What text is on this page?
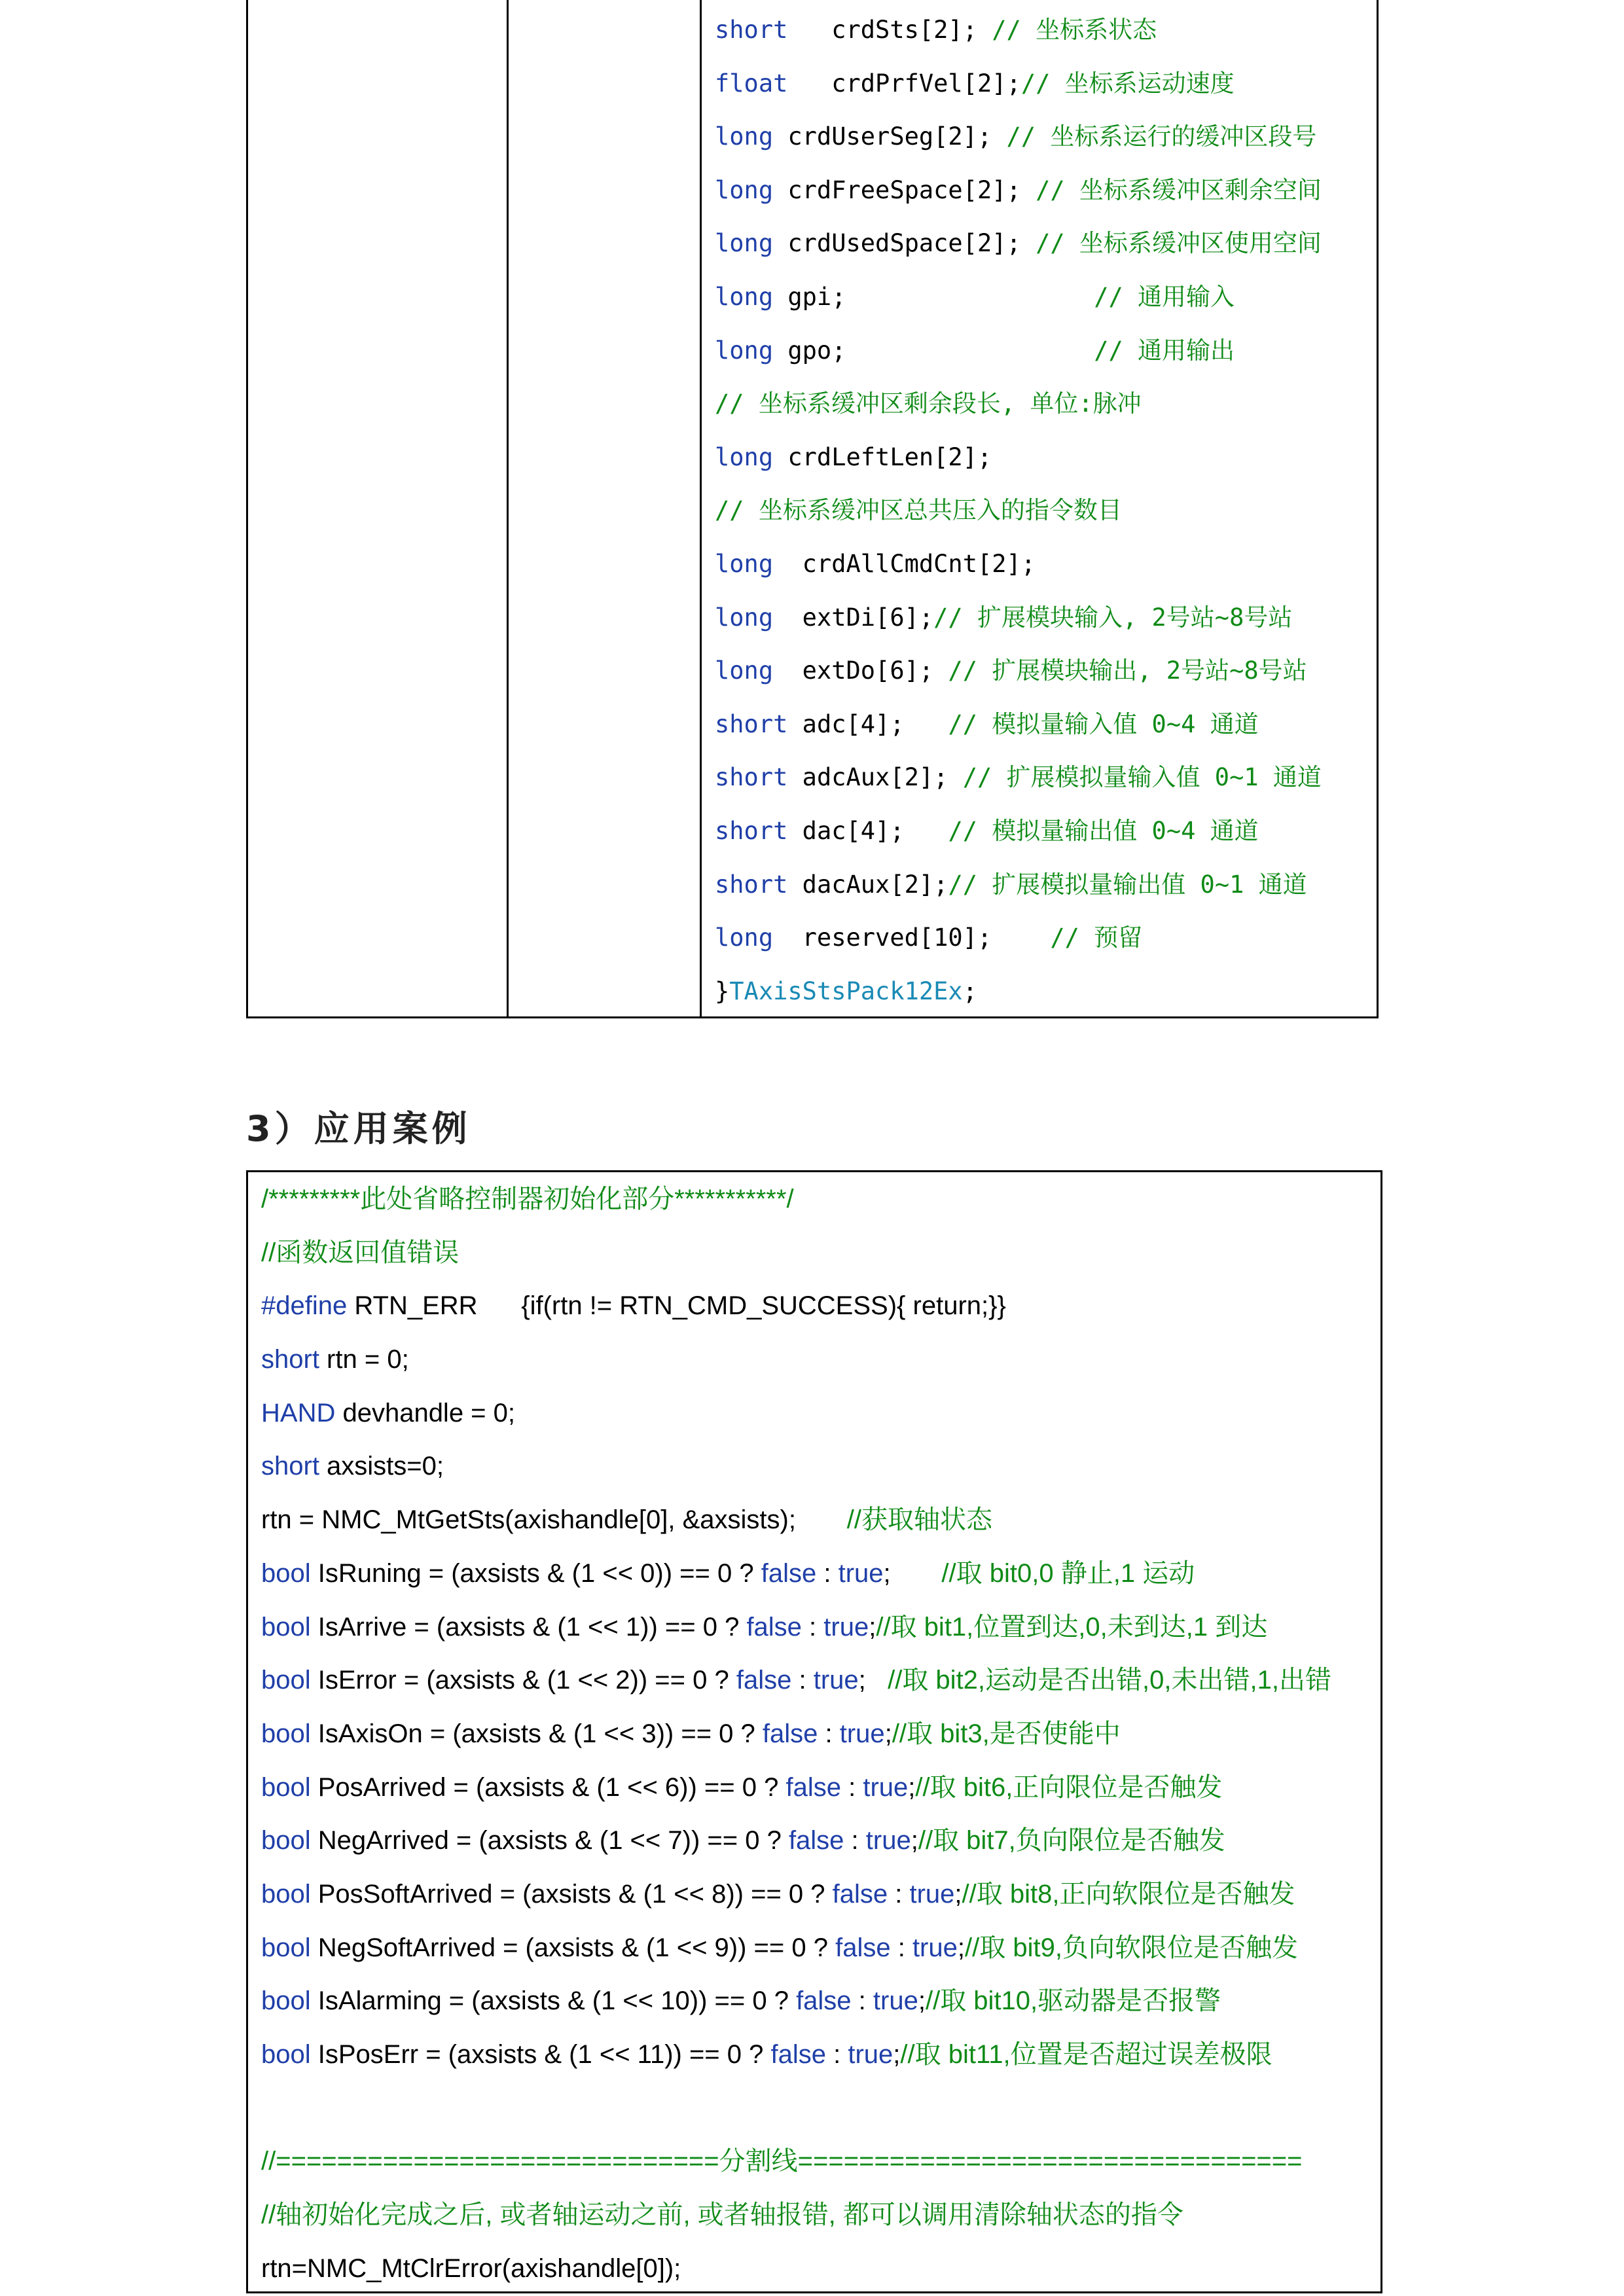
short   crdSts[2]; // 坐标系状态
float   crdPrfVel[2];// 坐标系运动速度
long crdUserSeg[2]; // 坐标系运行的缓冲区段号
long crdFreeSpace[2]; // 坐标系缓冲区剩余空间
long crdUsedSpace[2]; // 坐标系缓冲区使用空间
long gpi;                 // 通用输入
long gpo;                 // 通用输出
// 坐标系缓冲区剩余段长, 单位:脉冲
long crdLeftLen[2];
// 坐标系缓冲区总共压入的指令数目
long  crdAllCmdCnt[2];
long  extDi[6];// 扩展模块输入, 2号站~8号站
long  extDo[6]; // 扩展模块输出, 2号站~8号站
short adc[4];   // 模拟量输入值 0~4 通道
short adcAux[2]; // 扩展模拟量输入值 0~1 通道
short dac[4];   // 模拟量输出值 0~4 通道
short dacAux[2];// 扩展模拟量输出值 0~1 通道
long  reserved[10];    // 预留
}TAxisStsPack12Ex;
3）应用案例
/*********此处省略控制器初始化部分***********/
//函数返回值错误
#define RTN_ERR      {if(rtn != RTN_CMD_SUCCESS){ return;}}
short rtn = 0;
HAND devhandle = 0;
short axsists=0;
rtn = NMC_MtGetSts(axishandle[0], &axsists);       //获取轴状态
bool IsRuning = (axsists & (1 << 0)) == 0 ? false : true;       //取 bit0,0 静止,1 运动
bool IsArrive = (axsists & (1 << 1)) == 0 ? false : true;//取 bit1,位置到达,0,未到达,1 到达
bool IsError = (axsists & (1 << 2)) == 0 ? false : true;   //取 bit2,运动是否出错,0,未出错,1,出错
bool IsAxisOn = (axsists & (1 << 3)) == 0 ? false : true;//取 bit3,是否使能中
bool PosArrived = (axsists & (1 << 6)) == 0 ? false : true;//取 bit6,正向限位是否触发
bool NegArrived = (axsists & (1 << 7)) == 0 ? false : true;//取 bit7,负向限位是否触发
bool PosSoftArrived = (axsists & (1 << 8)) == 0 ? false : true;//取 bit8,正向软限位是否触发
bool NegSoftArrived = (axsists & (1 << 9)) == 0 ? false : true;//取 bit9,负向软限位是否触发
bool IsAlarming = (axsists & (1 << 10)) == 0 ? false : true;//取 bit10,驱动器是否报警
bool IsPosErr = (axsists & (1 << 11)) == 0 ? false : true;//取 bit11,位置是否超过误差极限

//=============================分割线=================================
//轴初始化完成之后, 或者轴运动之前, 或者轴报错, 都可以调用清除轴状态的指令
rtn=NMC_MtClrError(axishandle[0]);
